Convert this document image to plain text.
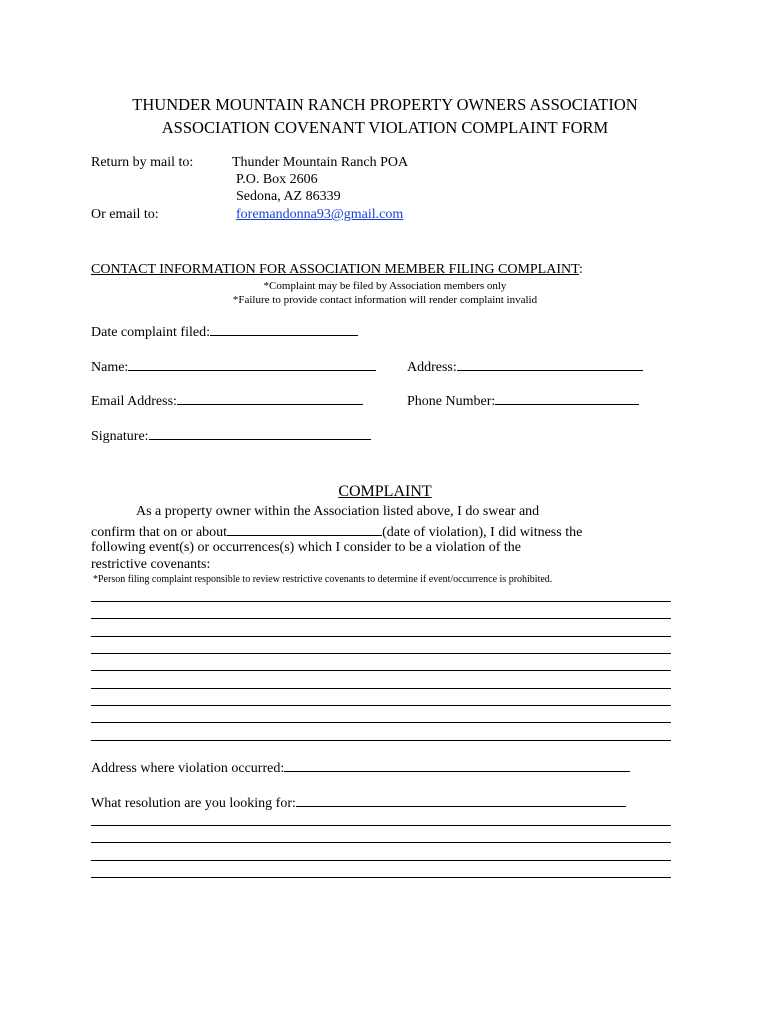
THUNDER MOUNTAIN RANCH PROPERTY OWNERS ASSOCIATION
ASSOCIATION COVENANT VIOLATION COMPLAINT FORM
Return by mail to:	Thunder Mountain Ranch POA
P.O. Box 2606
Sedona, AZ 86339
Or email to:	foremandonna93@gmail.com
CONTACT INFORMATION FOR ASSOCIATION MEMBER FILING COMPLAINT:
*Complaint may be filed by Association members only
*Failure to provide contact information will render complaint invalid
Date complaint filed:
Name:	Address:
Email Address:	Phone Number:
Signature:
COMPLAINT
As a property owner within the Association listed above, I do swear and
confirm that on or about	(date of violation), I did witness the
following event(s) or occurrences(s) which I consider to be a violation of the
restrictive covenants:
*Person filing complaint responsible to review restrictive covenants to determine if event/occurrence is prohibited.
Address where violation occurred:
What resolution are you looking for:
